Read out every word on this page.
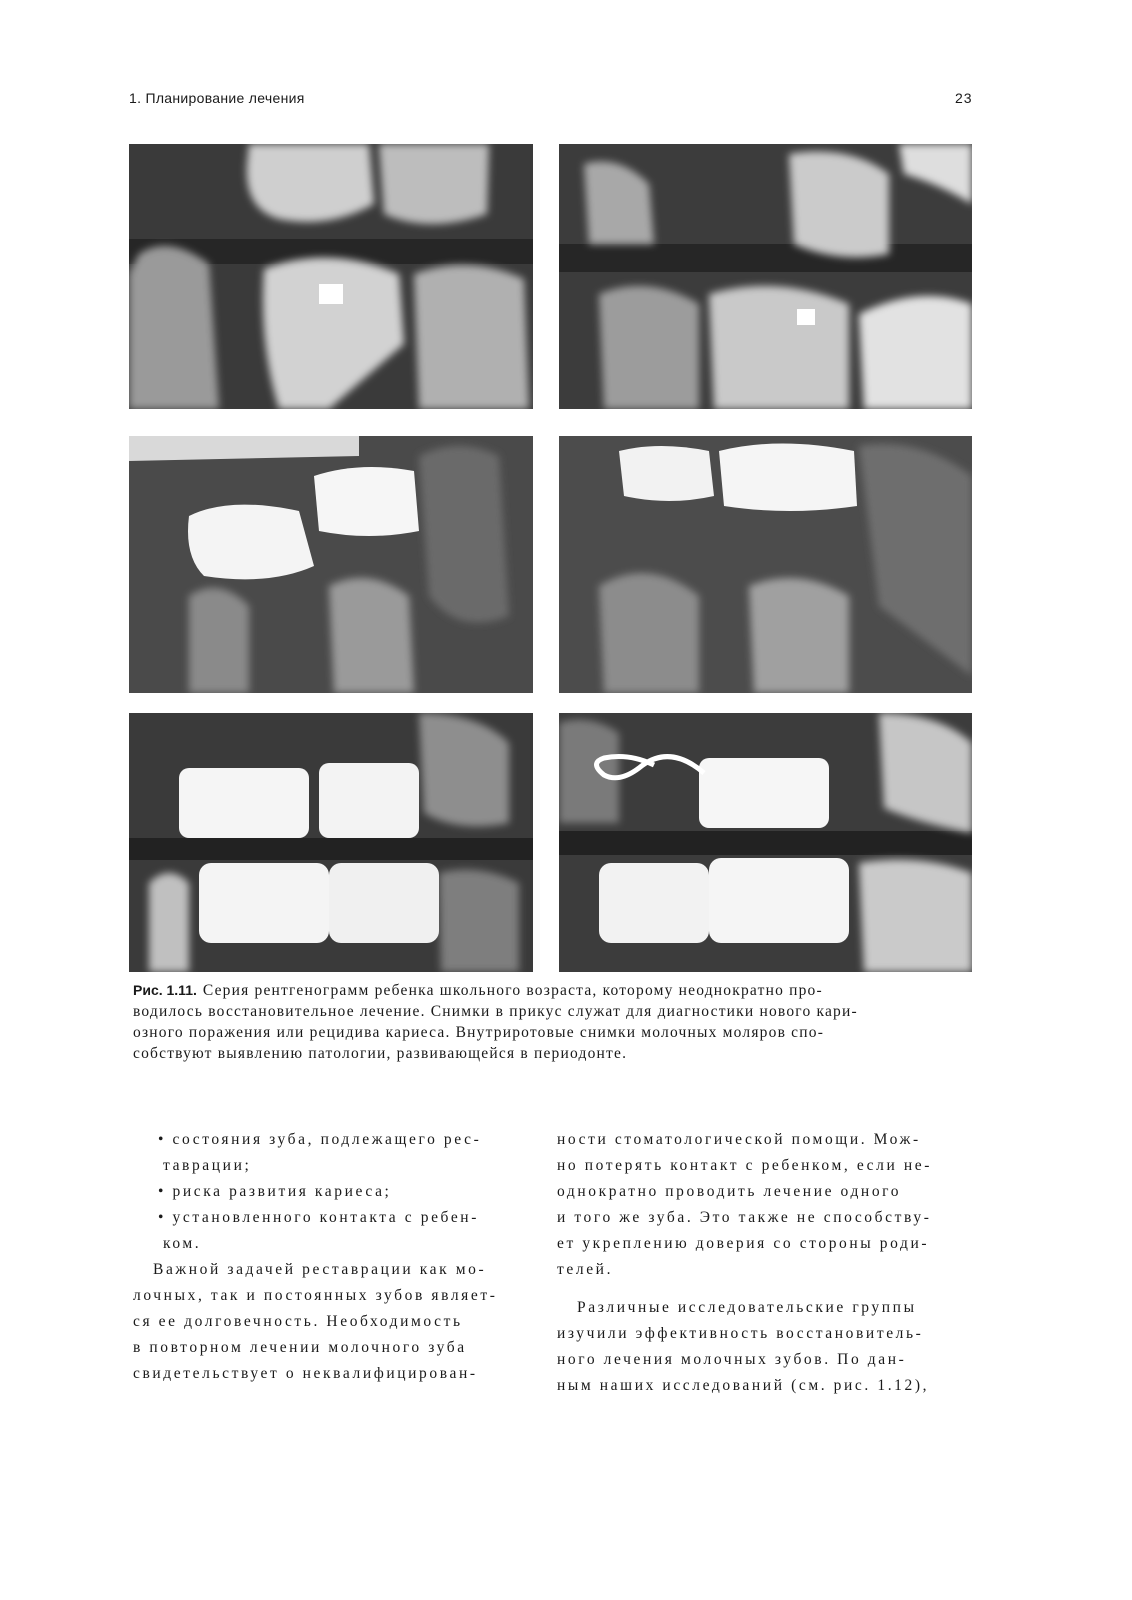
1. Планирование лечения	23
Рис. 1.11. Серия рентгенограмм ребенка школьного возраста, которому неоднократно про-
водилось восстановительное лечение. Снимки в прикус служат для диагностики нового кари-
озного поражения или рецидива кариеса. Внутриротовые снимки молочных моляров спо-
собствуют выявлению патологии, развивающейся в периодонте.
• состояния зуба, подлежащего рес-
таврации;
• риска развития кариеса;
• установленного контакта с ребен-
ком.
Важной задачей реставрации как мо-
лочных, так и постоянных зубов являет-
ся ее долговечность. Необходимость
в повторном лечении молочного зуба
свидетельствует о неквалифицирован-
ности стоматологической помощи. Мож-
но потерять контакт с ребенком, если не-
однократно проводить лечение одного
и того же зуба. Это также не способству-
ет укреплению доверия со стороны роди-
телей.
Различные исследовательские группы
изучили эффективность восстановитель-
ного лечения молочных зубов. По дан-
ным наших исследований (см. рис. 1.12),
